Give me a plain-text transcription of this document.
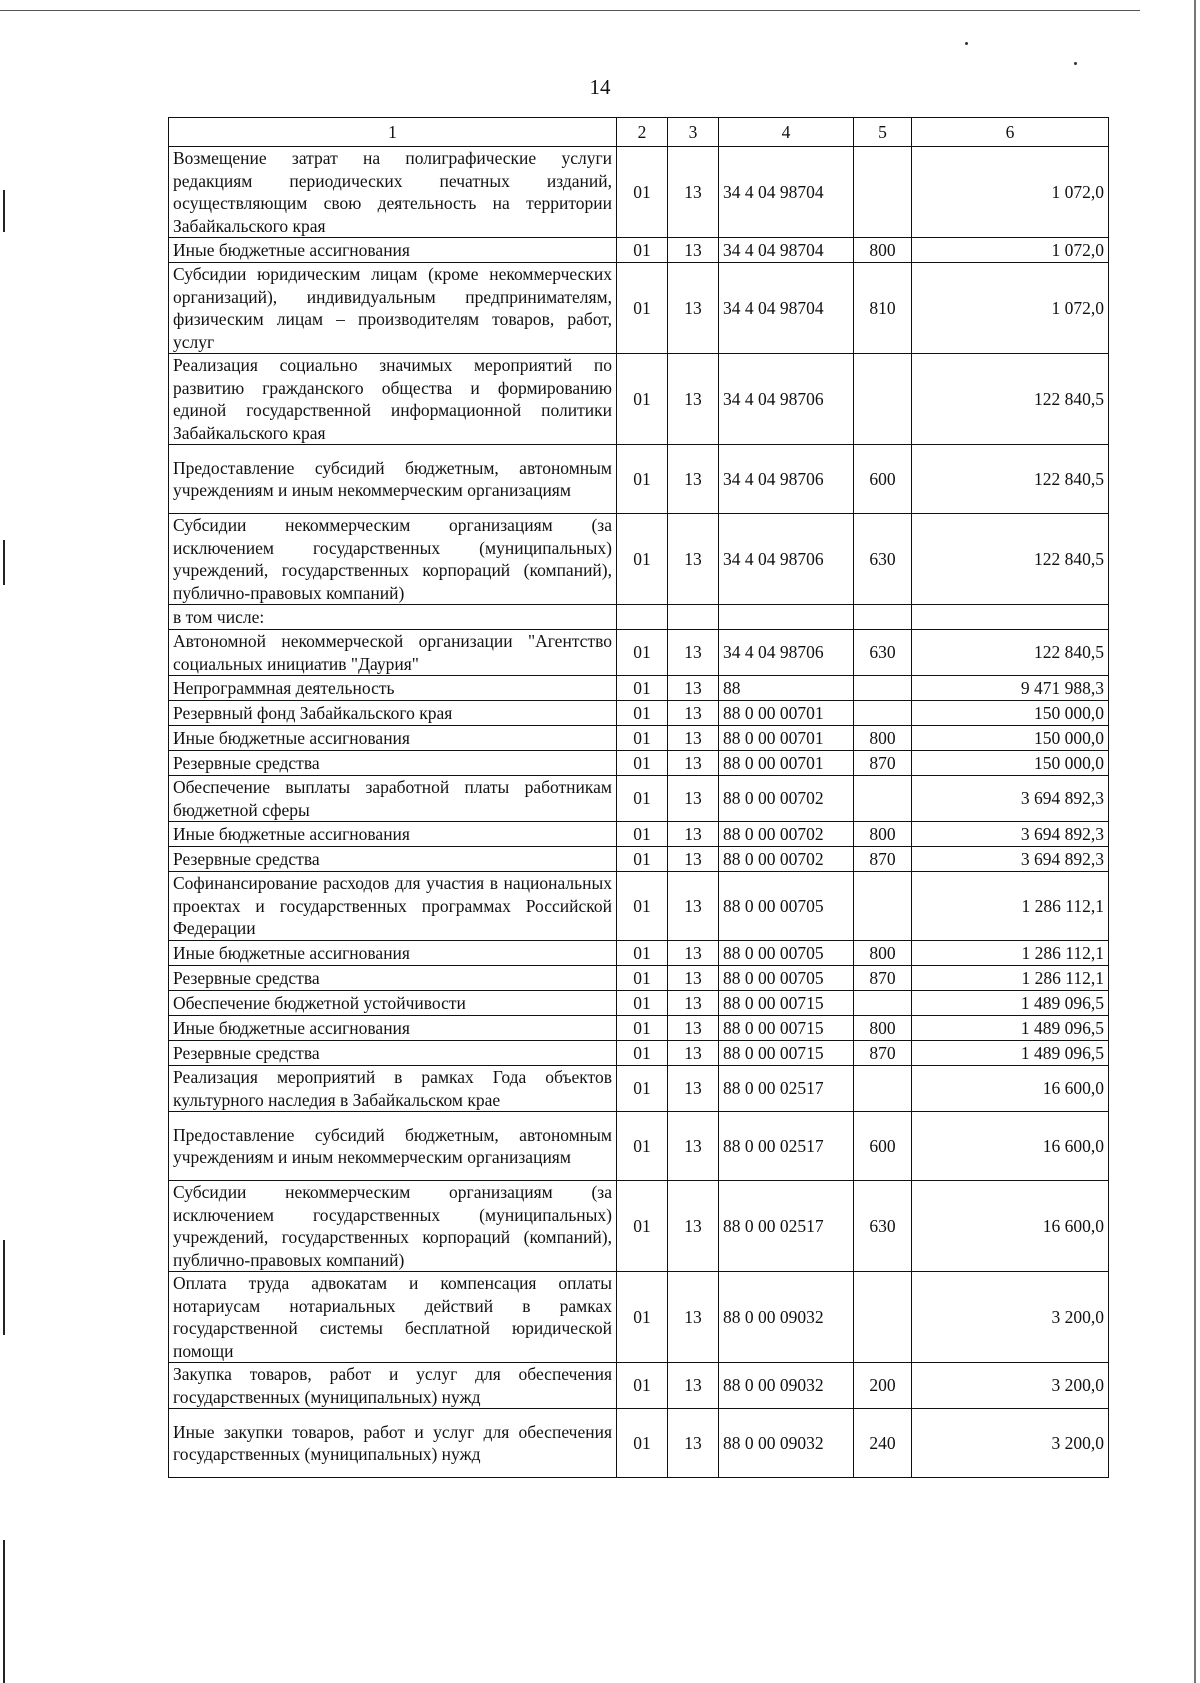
14
1	2	3	4	5	6
Возмещение затрат на полиграфические услуги редакциям периодических печатных изданий, осуществляющим свою деятельность на территории Забайкальского края	01	13	34 4 04 98704		1 072,0
Иные бюджетные ассигнования	01	13	34 4 04 98704	800	1 072,0
Субсидии юридическим лицам (кроме некоммерческих организаций), индивидуальным предпринимателям, физическим лицам – производителям товаров, работ, услуг	01	13	34 4 04 98704	810	1 072,0
Реализация социально значимых мероприятий по развитию гражданского общества и формированию единой государственной информационной политики Забайкальского края	01	13	34 4 04 98706		122 840,5
Предоставление субсидий бюджетным, автономным учреждениям и иным некоммерческим организациям	01	13	34 4 04 98706	600	122 840,5
Субсидии некоммерческим организациям (за исключением государственных (муниципальных) учреждений, государственных корпораций (компаний), публично-правовых компаний)	01	13	34 4 04 98706	630	122 840,5
в том числе:					
Автономной некоммерческой организации "Агентство социальных инициатив "Даурия"	01	13	34 4 04 98706	630	122 840,5
Непрограммная деятельность	01	13	88		9 471 988,3
Резервный фонд Забайкальского края	01	13	88 0 00 00701		150 000,0
Иные бюджетные ассигнования	01	13	88 0 00 00701	800	150 000,0
Резервные средства	01	13	88 0 00 00701	870	150 000,0
Обеспечение выплаты заработной платы работникам бюджетной сферы	01	13	88 0 00 00702		3 694 892,3
Иные бюджетные ассигнования	01	13	88 0 00 00702	800	3 694 892,3
Резервные средства	01	13	88 0 00 00702	870	3 694 892,3
Софинансирование расходов для участия в национальных проектах и государственных программах Российской Федерации	01	13	88 0 00 00705		1 286 112,1
Иные бюджетные ассигнования	01	13	88 0 00 00705	800	1 286 112,1
Резервные средства	01	13	88 0 00 00705	870	1 286 112,1
Обеспечение бюджетной устойчивости	01	13	88 0 00 00715		1 489 096,5
Иные бюджетные ассигнования	01	13	88 0 00 00715	800	1 489 096,5
Резервные средства	01	13	88 0 00 00715	870	1 489 096,5
Реализация мероприятий в рамках Года объектов культурного наследия в Забайкальском крае	01	13	88 0 00 02517		16 600,0
Предоставление субсидий бюджетным, автономным учреждениям и иным некоммерческим организациям	01	13	88 0 00 02517	600	16 600,0
Субсидии некоммерческим организациям (за исключением государственных (муниципальных) учреждений, государственных корпораций (компаний), публично-правовых компаний)	01	13	88 0 00 02517	630	16 600,0
Оплата труда адвокатам и компенсация оплаты нотариусам нотариальных действий в рамках государственной системы бесплатной юридической помощи	01	13	88 0 00 09032		3 200,0
Закупка товаров, работ и услуг для обеспечения государственных (муниципальных) нужд	01	13	88 0 00 09032	200	3 200,0
Иные закупки товаров, работ и услуг для обеспечения государственных (муниципальных) нужд	01	13	88 0 00 09032	240	3 200,0
